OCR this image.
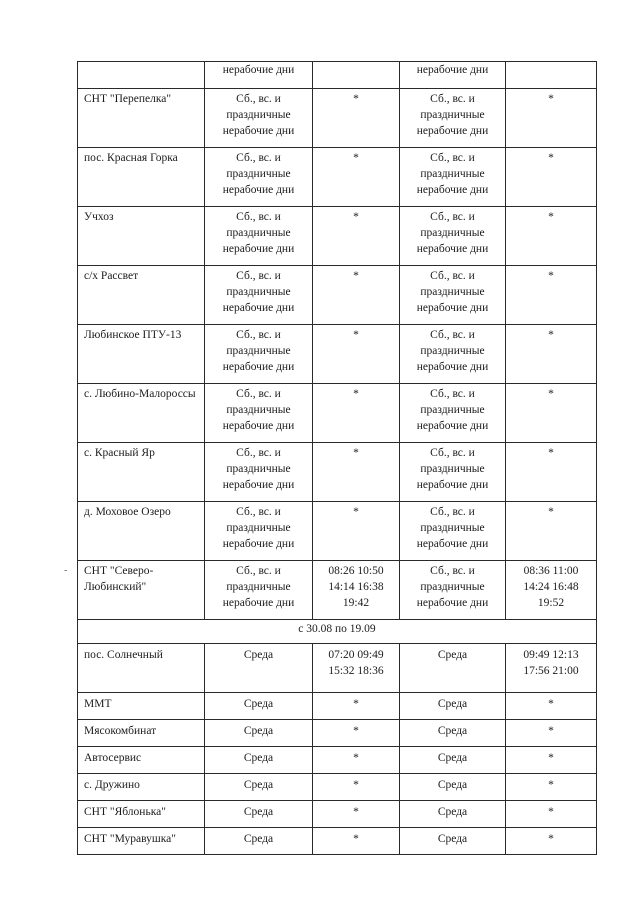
-
	нерабочие дни		нерабочие дни	
СНТ "Перепелка"	Сб., вс. и
праздничные
нерабочие дни	*	Сб., вс. и
праздничные
нерабочие дни	*

пос. Красная Горка	Сб., вс. и
праздничные
нерабочие дни	*	Сб., вс. и
праздничные
нерабочие дни	*

Учхоз	Сб., вс. и
праздничные
нерабочие дни	*	Сб., вс. и
праздничные
нерабочие дни	*

с/х Рассвет	Сб., вс. и
праздничные
нерабочие дни	*	Сб., вс. и
праздничные
нерабочие дни	*

Любинское ПТУ-13	Сб., вс. и
праздничные
нерабочие дни	*	Сб., вс. и
праздничные
нерабочие дни	*

с. Любино-Малороссы	Сб., вс. и
праздничные
нерабочие дни	*	Сб., вс. и
праздничные
нерабочие дни	*

с. Красный Яр	Сб., вс. и
праздничные
нерабочие дни	*	Сб., вс. и
праздничные
нерабочие дни	*

д. Моховое Озеро	Сб., вс. и
праздничные
нерабочие дни	*	Сб., вс. и
праздничные
нерабочие дни	*

СНТ "Северо-
Любинский"	Сб., вс. и
праздничные
нерабочие дни	08:26 10:50
14:14 16:38
19:42	Сб., вс. и
праздничные
нерабочие дни	08:36 11:00
14:24 16:48
19:52

с 30.08 по 19.09				
пос. Солнечный	Среда	07:20 09:49
15:32 18:36	Среда	09:49 12:13
17:56 21:00

ММТ	Среда	*	Среда	*
Мясокомбинат	Среда	*	Среда	*
Автосервис	Среда	*	Среда	*
с. Дружино	Среда	*	Среда	*
СНТ "Яблонька"	Среда	*	Среда	*
СНТ "Муравушка"	Среда	*	Среда	*
